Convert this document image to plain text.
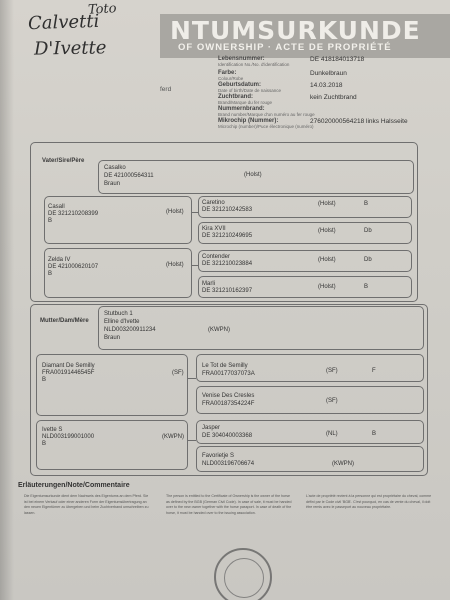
NTUMSURKUNDE
OF OWNERSHIP · ACTE DE PROPRIÉTÉ
Toto
Calvetti
D'Ivette
ferd
Lebensnummer:
Identification No./No. d'identification
DE 418184013718
Farbe:
Colour/Robe
Dunkelbraun
Geburtsdatum:
Date of birth/Date de naissance
14.03.2018
Zuchtbrand:
Brand/Marque du fer rouge
kein Zuchtbrand
Nummernbrand:
Brand number/Marque d'un numéro au fer rouge
Mikrochip (Nummer):
Microchip (number)/Puce électronique (numéro)
276020000564218 links Halsseite
Vater/Sire/Père
Casalko
DE 421000564311
Braun
(Holst)
Casall
DE 321210208399
B
(Holst)
Caretino
DE 321210242583
(Holst)	B
Kira XVII
DE 321210249695
(Holst)	Db
Zelda IV
DE 421000620107
B
(Holst)
Contender
DE 321210023884
(Holst)	Db
Marli
DE 321210162397
(Holst)	B
Mutter/Dam/Mère
Stutbuch 1
Elline d'Ivette
NLD003200911234
Braun
(KWPN)
Diamant De Semilly
FRA00191446545F
B
(SF)
Le Tot de Semilly
FRA00177037073A	(SF)	F
Venise Des Cresles
FRA00187354224F	(SF)
Ivette S
NLD003199001000
B
(KWPN)
Jasper
DE 304040003368	(NL)	B
Favorietje S
NLD003196706674	(KWPN)
Erläuterungen/Note/Commentaire
Die Eigentumsurkunde dient dem Nachweis des Eigentums an dem Pferd. Sie ist bei einem Verkauf oder einer anderen Form der Eigentumsübertragung an den neuen Eigentümer zu übergeben und beim Zuchtverband umschreiben zu lassen.
The person is entitled to the Certificate of Ownership is the owner of the horse as defined by the BGB (German Civil Code). In case of sale, it must be handed over to the new owner together with the horse passport. In case of death of the horse, it must be handed over to the issuing association.
L'acte de propriété revient à la personne qui est propriétaire du cheval, comme défini par le Code civil 'BGB'. C'est pourquoi, en cas de vente du cheval, il doit être remis avec le passeport au nouveau propriétaire.
